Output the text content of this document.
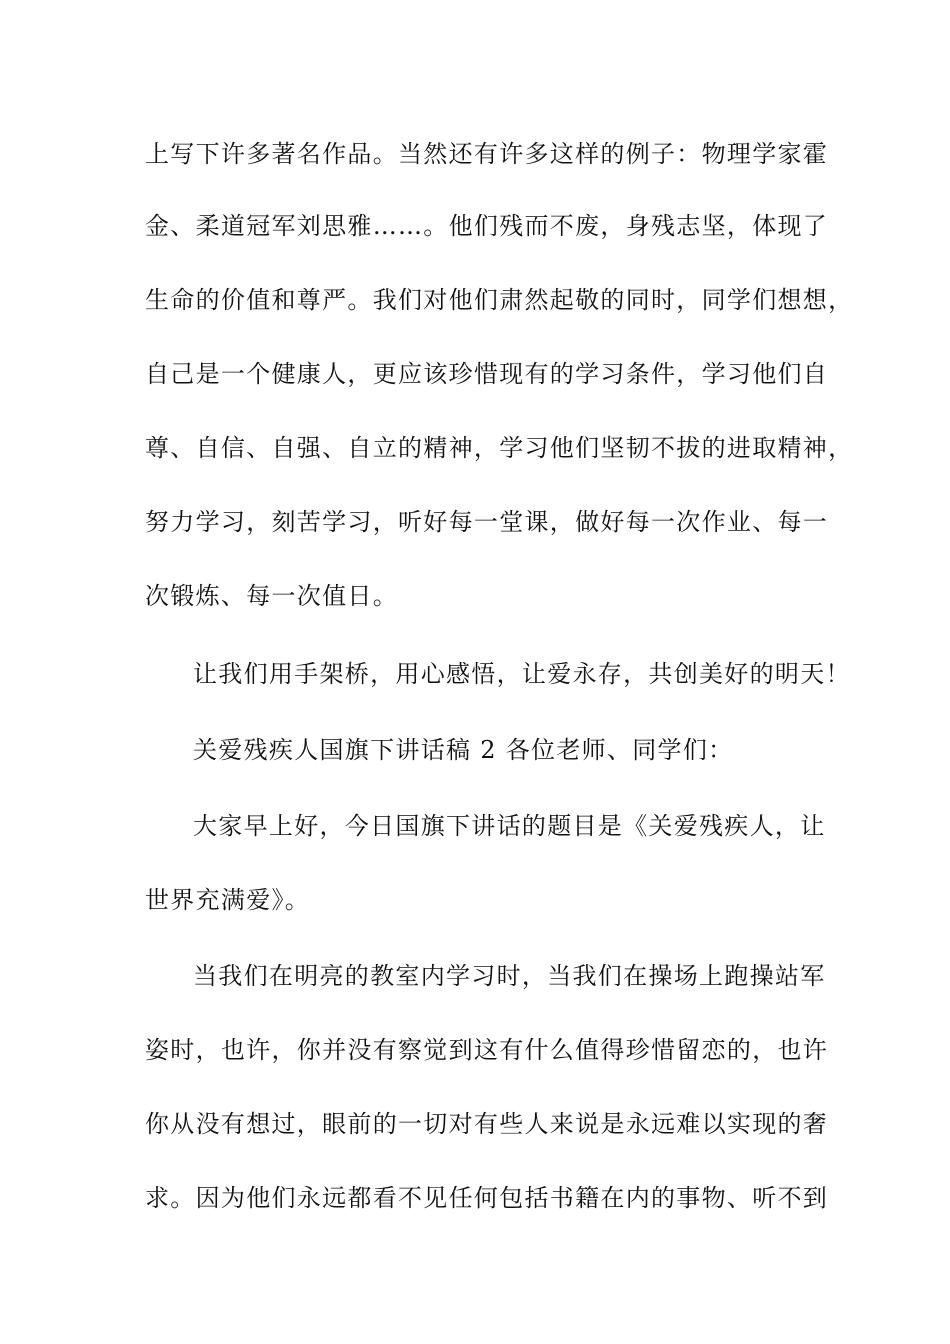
上写下许多著名作品。当然还有许多这样的例子：物理学家霍
金、柔道冠军刘思雅……。他们残而不废，身残志坚，体现了
生命的价值和尊严。我们对他们肃然起敬的同时，同学们想想，
自己是一个健康人，更应该珍惜现有的学习条件，学习他们自
尊、自信、自强、自立的精神，学习他们坚韧不拔的进取精神，
努力学习，刻苦学习，听好每一堂课，做好每一次作业、每一
次锻炼、每一次值日。
让我们用手架桥，用心感悟，让爱永存，共创美好的明天！
关爱残疾人国旗下讲话稿 2 各位老师、同学们：
大家早上好，今日国旗下讲话的题目是《关爱残疾人，让
世界充满爱》。
当我们在明亮的教室内学习时，当我们在操场上跑操站军
姿时，也许，你并没有察觉到这有什么值得珍惜留恋的，也许
你从没有想过，眼前的一切对有些人来说是永远难以实现的奢
求。因为他们永远都看不见任何包括书籍在内的事物、听不到
